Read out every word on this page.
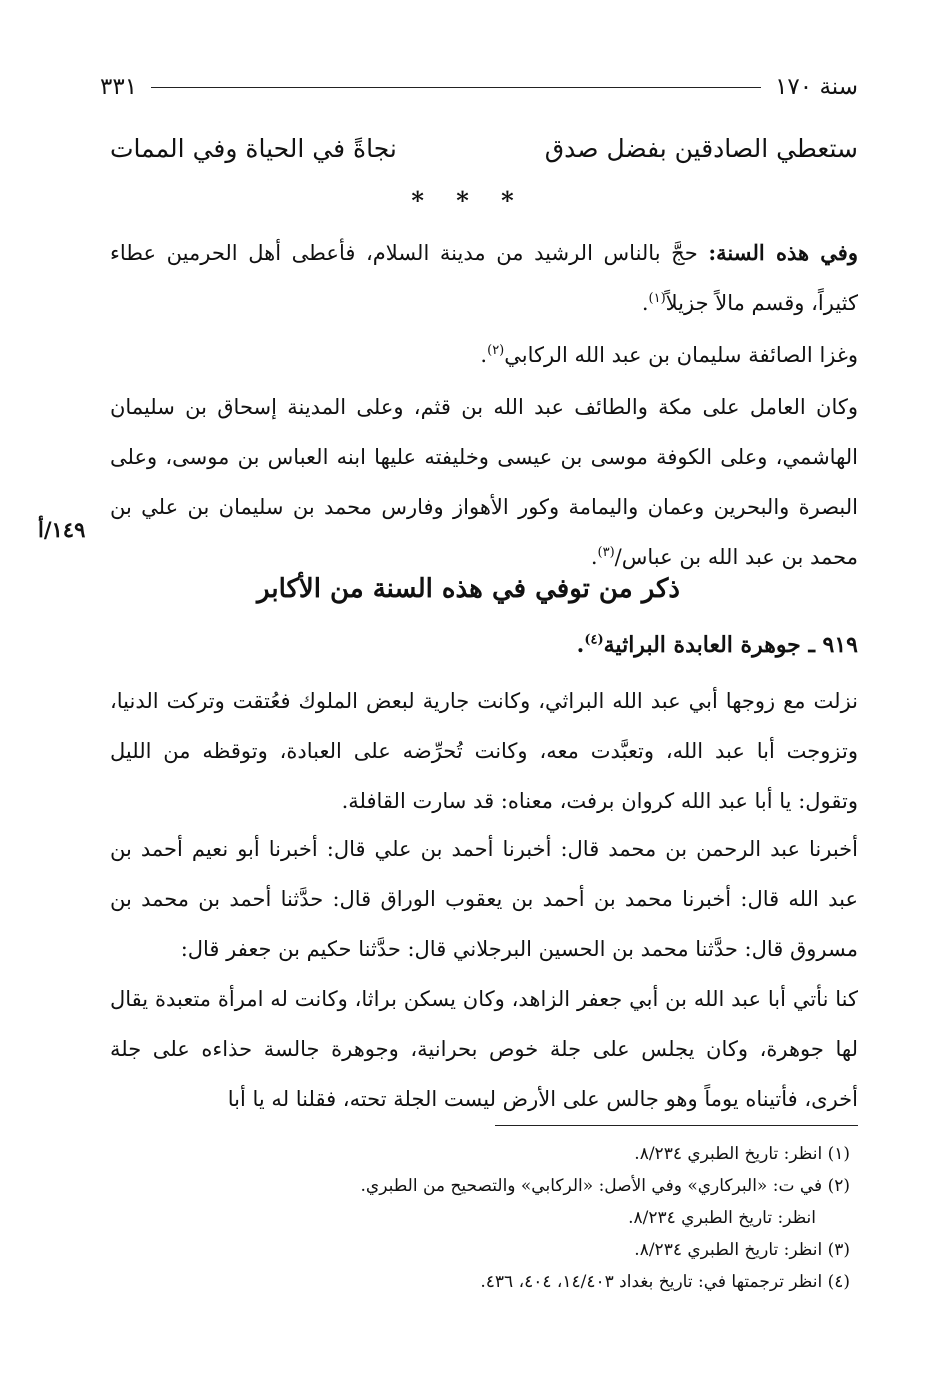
سنة ١٧٠
٣٣١
ستعطي الصادقين بفضل صدق
نجاةً في الحياة وفي الممات
* * *

وفي هذه السنة: حجَّ بالناس الرشيد من مدينة السلام، فأعطى أهل الحرمين عطاء كثيراً، وقسم مالاً جزيلاً$^{(١)}$.

وغزا الصائفة سليمان بن عبد الله الركابي$^{(٢)}$.

وكان العامل على مكة والطائف عبد الله بن قثم، وعلى المدينة إسحاق بن سليمان الهاشمي، وعلى الكوفة موسى بن عيسى وخليفته عليها ابنه العباس بن موسى، وعلى البصرة والبحرين وعمان واليمامة وكور الأهواز وفارس محمد بن سليمان بن علي بن محمد بن عبد الله بن عباس/$^{(٣)}$.

١٤٩/أ
ذكر من توفي في هذه السنة من الأكابر
٩١٩ ـ جوهرة العابدة البراثية$^{(٤)}$.

نزلت مع زوجها أبي عبد الله البراثي، وكانت جارية لبعض الملوك فعُتقت وتركت الدنيا، وتزوجت أبا عبد الله، وتعبَّدت معه، وكانت تُحرِّضه على العبادة، وتوقظه من الليل وتقول: يا أبا عبد الله كروان برفت، معناه: قد سارت القافلة.

أخبرنا عبد الرحمن بن محمد قال: أخبرنا أحمد بن علي قال: أخبرنا أبو نعيم أحمد بن عبد الله قال: أخبرنا محمد بن أحمد بن يعقوب الوراق قال: حدَّثنا أحمد بن محمد بن مسروق قال: حدَّثنا محمد بن الحسين البرجلاني قال: حدَّثنا حكيم بن جعفر قال:

كنا نأتي أبا عبد الله بن أبي جعفر الزاهد، وكان يسكن براثا، وكانت له امرأة متعبدة يقال لها جوهرة، وكان يجلس على جلة خوص بحرانية، وجوهرة جالسة حذاءه على جلة أخرى، فأتيناه يوماً وهو جالس على الأرض ليست الجلة تحته، فقلنا له يا أبا

(١) انظر: تاريخ الطبري ٨/٢٣٤.
(٢) في ت: «البركاري» وفي الأصل: «الركابي» والتصحيح من الطبري.
انظر: تاريخ الطبري ٨/٢٣٤.
(٣) انظر: تاريخ الطبري ٨/٢٣٤.
(٤) انظر ترجمتها في: تاريخ بغداد ١٤/٤٠٣، ٤٠٤، ٤٣٦.
